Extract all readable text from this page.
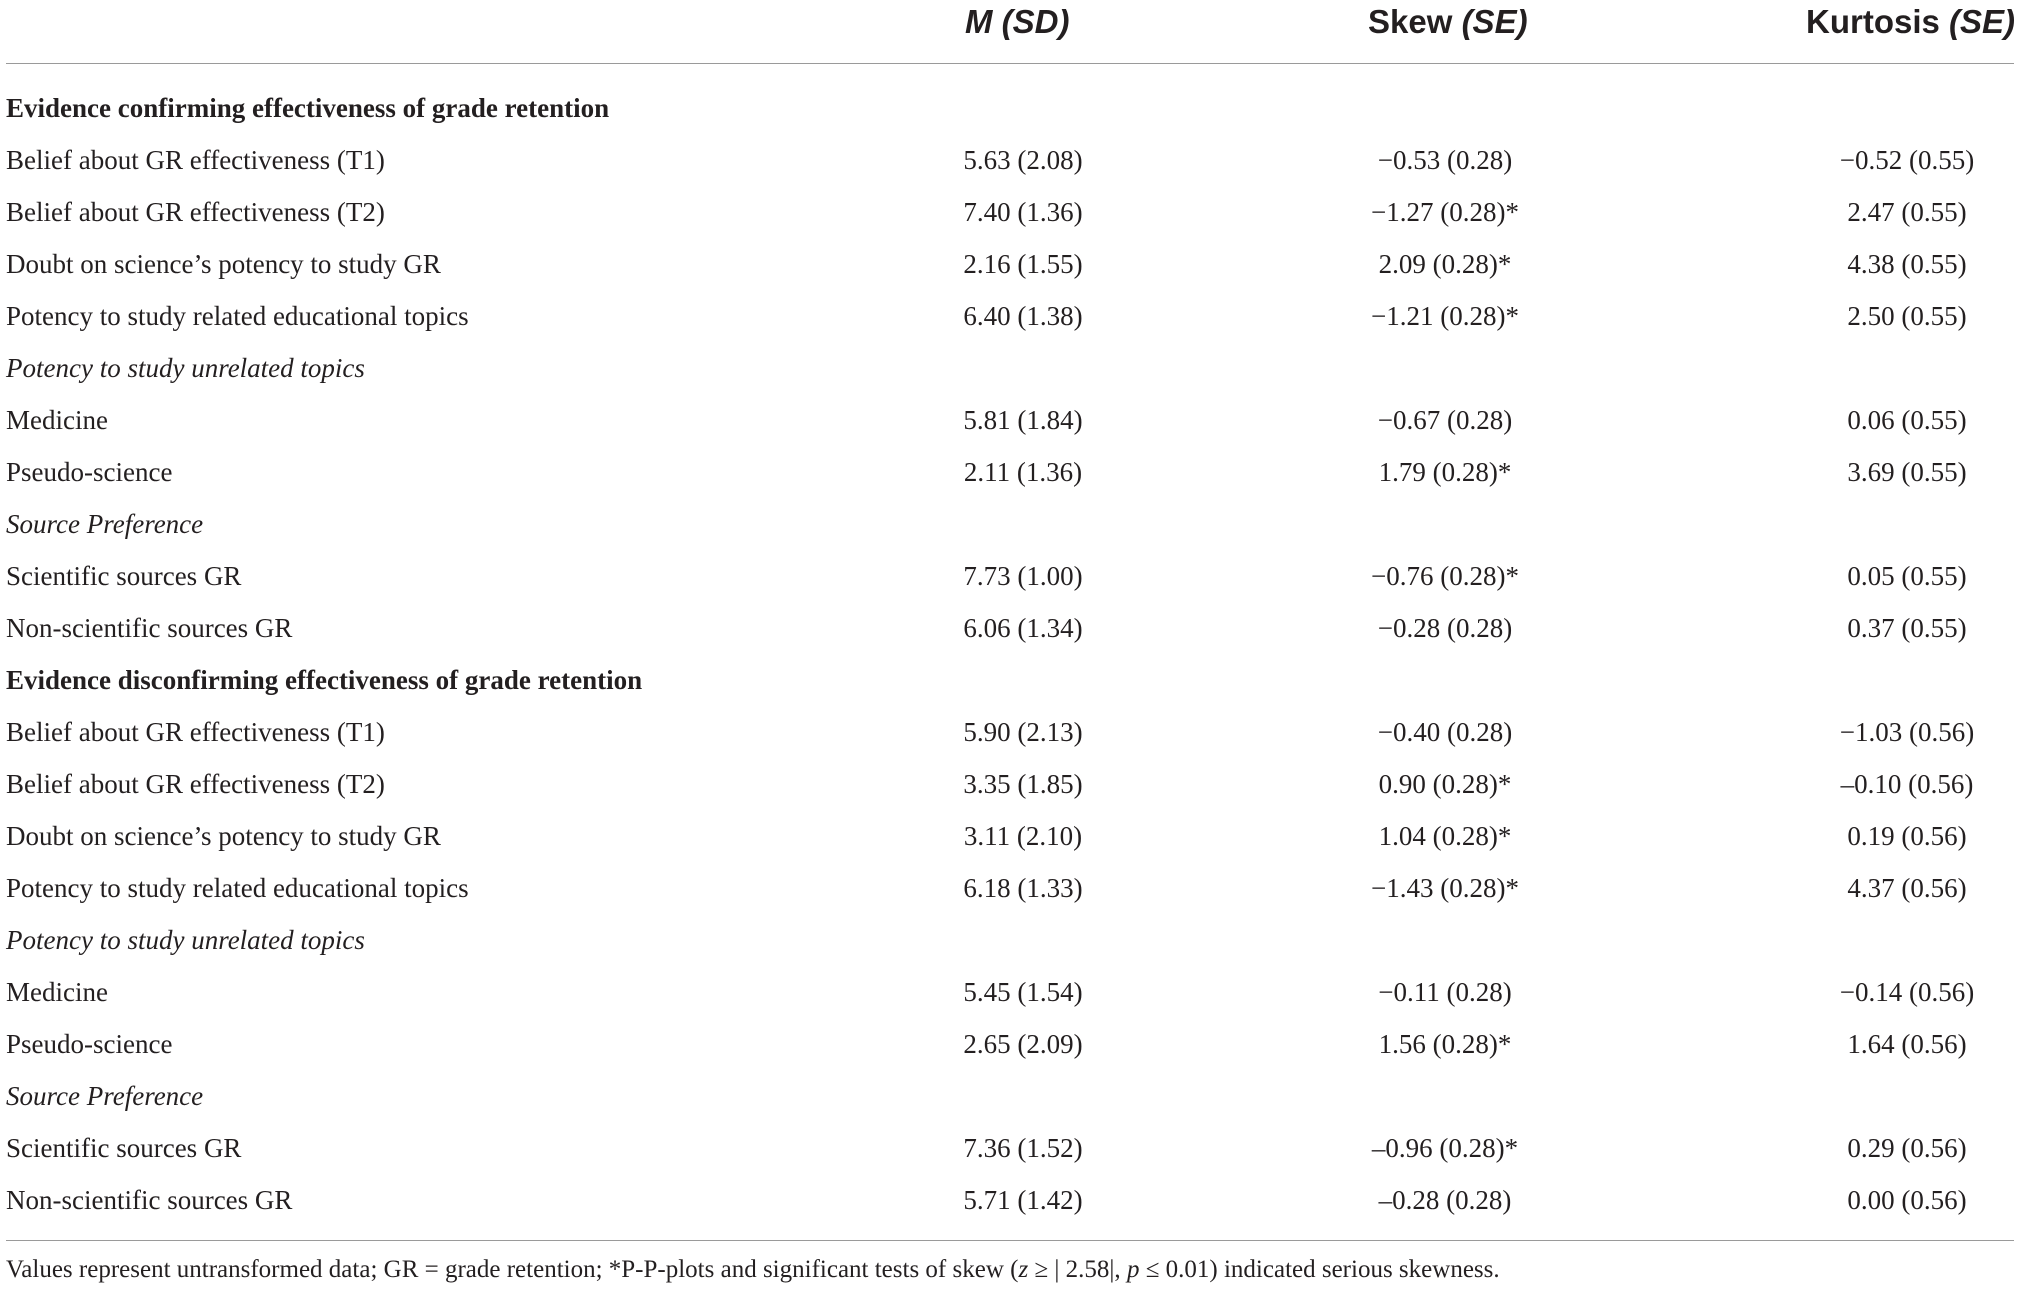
M (SD)	Skew (SE)	Kurtosis (SE)
Evidence confirming effectiveness of grade retention
Belief about GR effectiveness (T1)	5.63 (2.08)	−0.53 (0.28)	−0.52 (0.55)
Belief about GR effectiveness (T2)	7.40 (1.36)	−1.27 (0.28)*	2.47 (0.55)
Doubt on science’s potency to study GR	2.16 (1.55)	2.09 (0.28)*	4.38 (0.55)
Potency to study related educational topics	6.40 (1.38)	−1.21 (0.28)*	2.50 (0.55)
Potency to study unrelated topics
Medicine	5.81 (1.84)	−0.67 (0.28)	0.06 (0.55)
Pseudo-science	2.11 (1.36)	1.79 (0.28)*	3.69 (0.55)
Source Preference
Scientific sources GR	7.73 (1.00)	−0.76 (0.28)*	0.05 (0.55)
Non-scientific sources GR	6.06 (1.34)	−0.28 (0.28)	0.37 (0.55)
Evidence disconfirming effectiveness of grade retention
Belief about GR effectiveness (T1)	5.90 (2.13)	−0.40 (0.28)	−1.03 (0.56)
Belief about GR effectiveness (T2)	3.35 (1.85)	0.90 (0.28)*	–0.10 (0.56)
Doubt on science’s potency to study GR	3.11 (2.10)	1.04 (0.28)*	0.19 (0.56)
Potency to study related educational topics	6.18 (1.33)	−1.43 (0.28)*	4.37 (0.56)
Potency to study unrelated topics
Medicine	5.45 (1.54)	−0.11 (0.28)	−0.14 (0.56)
Pseudo-science	2.65 (2.09)	1.56 (0.28)*	1.64 (0.56)
Source Preference
Scientific sources GR	7.36 (1.52)	–0.96 (0.28)*	0.29 (0.56)
Non-scientific sources GR	5.71 (1.42)	–0.28 (0.28)	0.00 (0.56)
Values represent untransformed data; GR = grade retention; *P-P-plots and significant tests of skew (z ≥ | 2.58|, p ≤ 0.01) indicated serious skewness.
